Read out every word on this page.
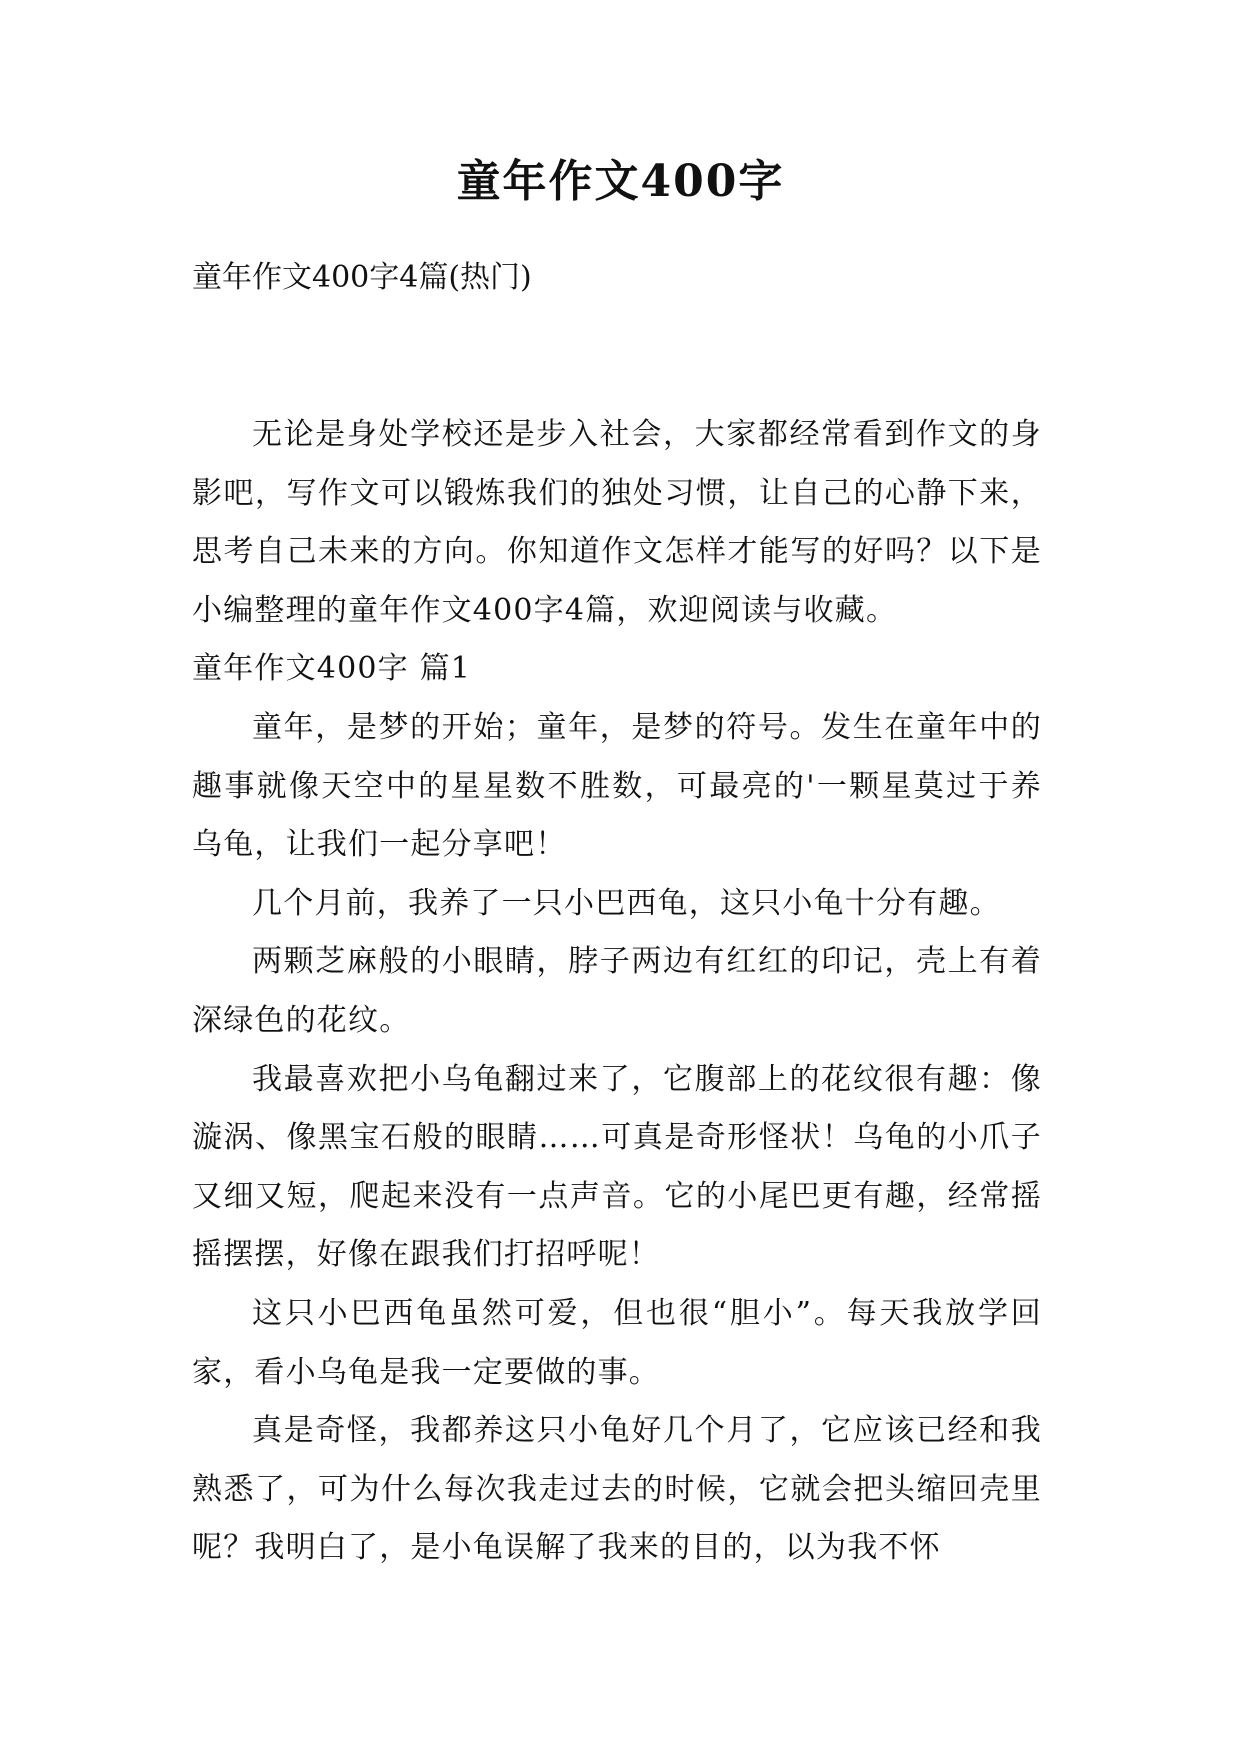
童年作文400字

童年作文400字4篇(热门)

无论是身处学校还是步入社会，大家都经常看到作文的身影吧，写作文可以锻炼我们的独处习惯，让自己的心静下来，思考自己未来的方向。你知道作文怎样才能写的好吗？以下是小编整理的童年作文400字4篇，欢迎阅读与收藏。

童年作文400字 篇1

童年，是梦的开始；童年，是梦的符号。发生在童年中的趣事就像天空中的星星数不胜数，可最亮的'一颗星莫过于养乌龟，让我们一起分享吧！

几个月前，我养了一只小巴西龟，这只小龟十分有趣。

两颗芝麻般的小眼睛，脖子两边有红红的印记，壳上有着深绿色的花纹。

我最喜欢把小乌龟翻过来了，它腹部上的花纹很有趣：像漩涡、像黑宝石般的眼睛……可真是奇形怪状！乌龟的小爪子又细又短，爬起来没有一点声音。它的小尾巴更有趣，经常摇摇摆摆，好像在跟我们打招呼呢！

这只小巴西龟虽然可爱，但也很“胆小”。每天我放学回家，看小乌龟是我一定要做的事。

真是奇怪，我都养这只小龟好几个月了，它应该已经和我熟悉了，可为什么每次我走过去的时候，它就会把头缩回壳里呢？我明白了，是小龟误解了我来的目的，以为我不怀
